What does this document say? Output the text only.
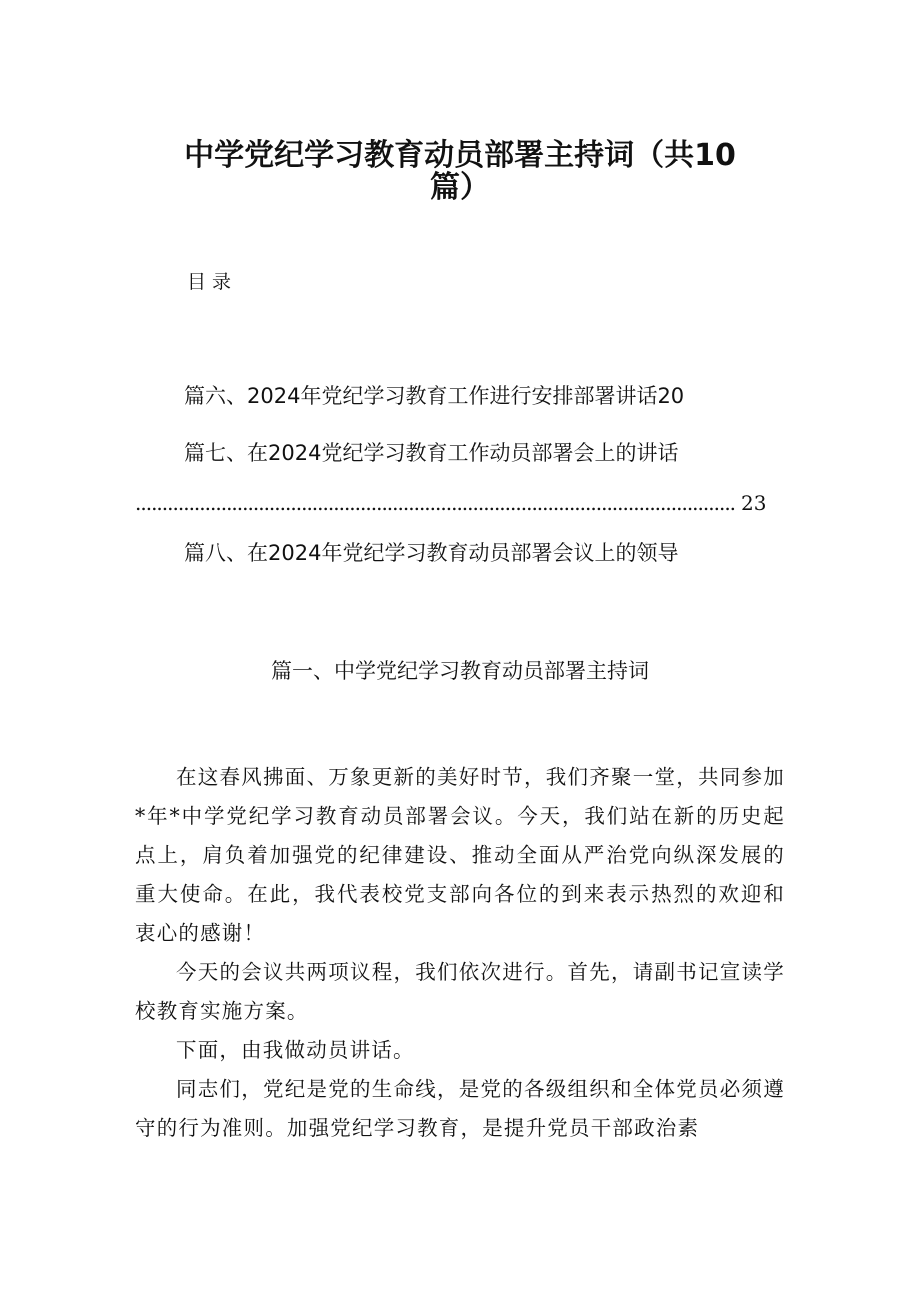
中学党纪学习教育动员部署主持词（共10
篇）
目录
篇六、2024年党纪学习教育工作进行安排部署讲话20
篇七、在2024党纪学习教育工作动员部署会上的讲话
................................................................................................................ 23
篇八、在2024年党纪学习教育动员部署会议上的领导
篇一、中学党纪学习教育动员部署主持词

在这春风拂面、万象更新的美好时节，我们齐聚一堂，共同参加*年*中学党纪学习教育动员部署会议。今天，我们站在新的历史起点上，肩负着加强党的纪律建设、推动全面从严治党向纵深发展的重大使命。在此，我代表校党支部向各位的到来表示热烈的欢迎和衷心的感谢！

今天的会议共两项议程，我们依次进行。首先，请副书记宣读学校教育实施方案。

下面，由我做动员讲话。

同志们，党纪是党的生命线，是党的各级组织和全体党员必须遵守的行为准则。加强党纪学习教育，是提升党员干部政治素
